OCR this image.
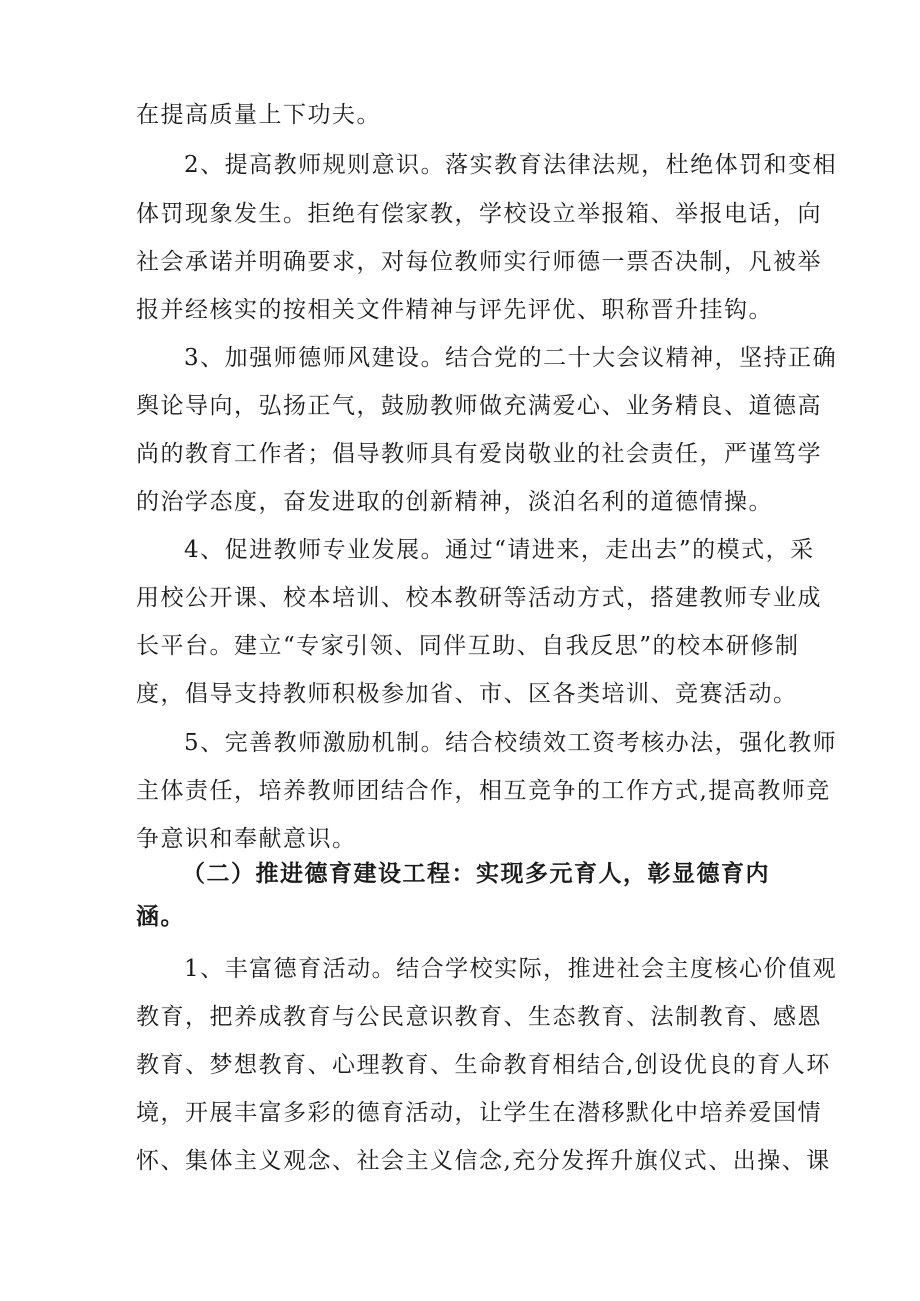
在提高质量上下功夫。
2、提高教师规则意识。落实教育法律法规，杜绝体罚和变相
体罚现象发生。拒绝有偿家教，学校设立举报箱、举报电话，向
社会承诺并明确要求，对每位教师实行师德一票否决制，凡被举
报并经核实的按相关文件精神与评先评优、职称晋升挂钩。
3、加强师德师风建设。结合党的二十大会议精神，坚持正确
舆论导向，弘扬正气，鼓励教师做充满爱心、业务精良、道德高
尚的教育工作者；倡导教师具有爱岗敬业的社会责任，严谨笃学
的治学态度，奋发进取的创新精神，淡泊名利的道德情操。
4、促进教师专业发展。通过“请进来，走出去”的模式，采
用校公开课、校本培训、校本教研等活动方式，搭建教师专业成
长平台。建立“专家引领、同伴互助、自我反思”的校本研修制
度，倡导支持教师积极参加省、市、区各类培训、竞赛活动。
5、完善教师激励机制。结合校绩效工资考核办法，强化教师
主体责任，培养教师团结合作，相互竞争的工作方式,提高教师竞
争意识和奉献意识。
（二）推进德育建设工程：实现多元育人，彰显德育内
涵。
1、丰富德育活动。结合学校实际，推进社会主度核心价值观
教育，把养成教育与公民意识教育、生态教育、法制教育、感恩
教育、梦想教育、心理教育、生命教育相结合,创设优良的育人环
境，开展丰富多彩的德育活动，让学生在潜移默化中培养爱国情
怀、集体主义观念、社会主义信念,充分发挥升旗仪式、出操、课
